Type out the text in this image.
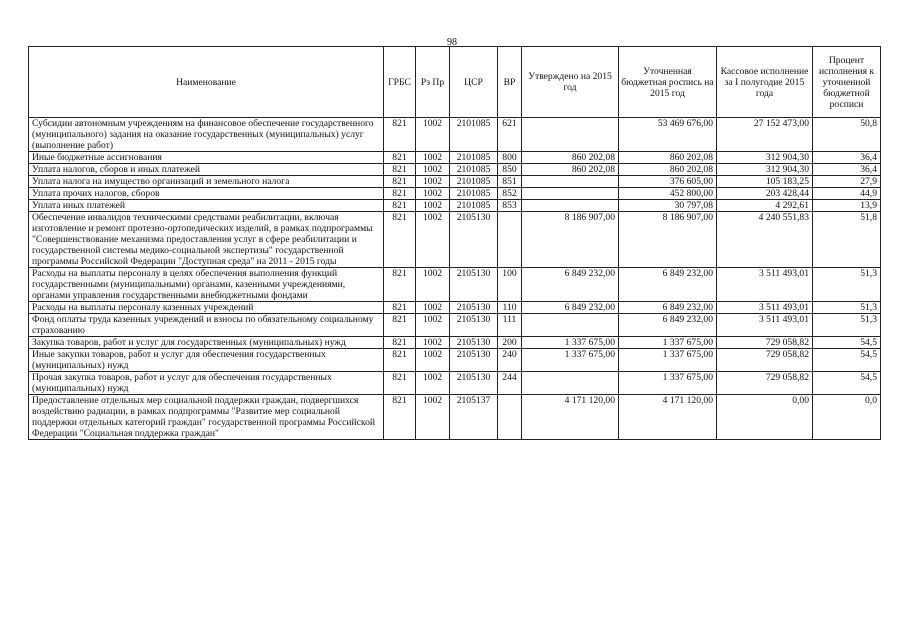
98
Наименование	ГРБС	Рз Пр	ЦСР	ВР	Утверждено на 2015 год	Уточненная бюджетная роспись на 2015 год	Кассовое исполнение за I полугодие 2015 года	Процент исполнения к уточненной бюджетной росписи
Субсидии автономным учреждениям на финансовое обеспечение государственного (муниципального) задания на оказание государственных (муниципальных) услуг (выполнение работ)	821	1002	2101085	621		53 469 676,00	27 152 473,00	50,8
Иные бюджетные ассигнования	821	1002	2101085	800	860 202,08	860 202,08	312 904,30	36,4
Уплата налогов, сборов и иных платежей	821	1002	2101085	850	860 202,08	860 202,08	312 904,30	36,4
Уплата налога на имущество организаций и земельного налога	821	1002	2101085	851		376 605,00	105 183,25	27,9
Уплата прочих налогов, сборов	821	1002	2101085	852		452 800,00	203 428,44	44,9
Уплата иных платежей	821	1002	2101085	853		30 797,08	4 292,61	13,9
Обеспечение инвалидов техническими средствами реабилитации, включая изготовление и ремонт протезно-ортопедических изделий, в рамках подпрограммы "Совершенствование механизма предоставления услуг в сфере реабилитации и государственной системы медико-социальной экспертизы" государственной программы Российской Федерации "Доступная среда" на 2011 - 2015 годы	821	1002	2105130		8 186 907,00	8 186 907,00	4 240 551,83	51,8
Расходы на выплаты персоналу в целях обеспечения выполнения функций государственными (муниципальными) органами, казенными учреждениями, органами управления государственными внебюджетными фондами	821	1002	2105130	100	6 849 232,00	6 849 232,00	3 511 493,01	51,3
Расходы на выплаты персоналу казенных учреждений	821	1002	2105130	110	6 849 232,00	6 849 232,00	3 511 493,01	51,3
Фонд оплаты труда казенных учреждений и взносы по обязательному социальному страхованию	821	1002	2105130	111		6 849 232,00	3 511 493,01	51,3
Закупка товаров, работ и услуг для государственных (муниципальных) нужд	821	1002	2105130	200	1 337 675,00	1 337 675,00	729 058,82	54,5
Иные закупки товаров, работ и услуг для обеспечения государственных (муниципальных) нужд	821	1002	2105130	240	1 337 675,00	1 337 675,00	729 058,82	54,5
Прочая закупка товаров, работ и услуг для обеспечения государственных (муниципальных) нужд	821	1002	2105130	244		1 337 675,00	729 058,82	54,5
Предоставление отдельных мер социальной поддержки граждан, подвергшихся воздействию радиации, в рамках подпрограммы "Развитие мер социальной поддержки отдельных категорий граждан" государственной программы Российской Федерации "Социальная поддержка граждан"	821	1002	2105137		4 171 120,00	4 171 120,00	0,00	0,0
